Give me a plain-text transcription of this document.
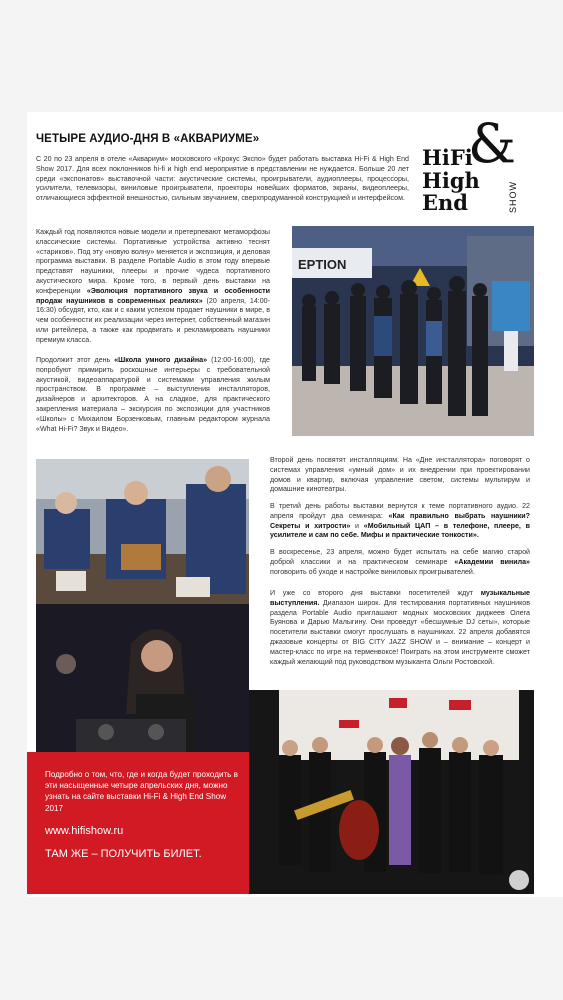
ЧЕТЫРЕ АУДИО-ДНЯ В «АКВАРИУМЕ»
HiFi
&
High
End	SHOW

С 20 по 23 апреля в отеле «Аквариум» московского «Крокус Экспо» будет работать выставка Hi-Fi & High End Show 2017. Для всех поклонников hi-fi и high end мероприятие в представлении не нуждается. Больше 20 лет среди «экспонатов» выставочной части: акустические системы, проигрыватели, аудиоплееры, процессоры, усилители, телевизоры, виниловые проигрыватели, проекторы новейших форматов, экраны, видеоплееры, отличающиеся эффектной внешностью, сильным звучанием, сверхпродуманной конструкцией и интерфейсом.

Каждый год появляются новые модели и претерпевают метаморфозы классические системы. Портативные устройства активно теснят «стариков». Под эту «новую волну» меняется и экспозиция, и деловая программа выставки. В разделе Portable Audio в этом году впервые представят наушники, плееры и прочие чудеса портативного акустического мира. Кроме того, в первый день выставки на конференции «Эволюция портативного звука и особенности продаж наушников в современных реалиях» (20 апреля, 14:00-16:30) обсудят, кто, как и с каким успехом продает наушники в мире, в чем особенности их реализации через интернет, собственный магазин или ритейлера, а также как продвигать и рекламировать наушники премиум класса.

Продолжит этот день «Школа умного дизайна» (12:00-16:00), где попробуют примирить роскошные интерьеры с требовательной акустикой, видеоаппаратурой и системами управления жилым пространством. В программе – выступления инсталляторов, дизайнеров и архитекторов. А на сладкое, для практического закрепления материала – экскурсия по экспозиции для участников «Школы» с Михаилом Борзенковым, главным редактором журнала «What Hi-Fi? Звук и Видео».

Второй день посвятят инсталляциям. На «Дне инсталлятора» поговорят о системах управления «умный дом» и их внедрении при проектировании домов и квартир, включая управление светом, системы мультирум и домашние кинотеатры.

В третий день работы выставки вернутся к теме портативного аудио. 22 апреля пройдут два семинара: «Как правильно выбрать наушники? Секреты и хитрости» и «Мобильный ЦАП – в телефоне, плеере, в усилителе и сам по себе. Мифы и практические тонкости».

В воскресенье, 23 апреля, можно будет испытать на себе магию старой доброй классики и на практическом семинаре «Академии винила» поговорить об уходе и настройке виниловых проигрывателей.

И уже со второго дня выставки посетителей ждут музыкальные выступления. Диапазон широк. Для тестирования портативных наушников раздела Portable Audio приглашают модных московских диджеев Олега Буянова и Дарью Малыгину. Они проведут «бесшумные DJ сеты», которые посетители выставки смогут прослушать в наушниках. 22 апреля добавятся джазовые концерты от BIG CITY JAZZ SHOW и – внимание – концерт и мастер-класс по игре на терменвоксе! Поиграть на этом инструменте сможет каждый желающий под руководством музыканта Ольги Ростовской.

EPTION
Подробно о том, что, где и когда будет проходить в эти насыщенные четыре апрельских дня, можно узнать на сайте выставки Hi-Fi & High End Show 2017
www.hifishow.ru
ТАМ ЖЕ – ПОЛУЧИТЬ БИЛЕТ.
